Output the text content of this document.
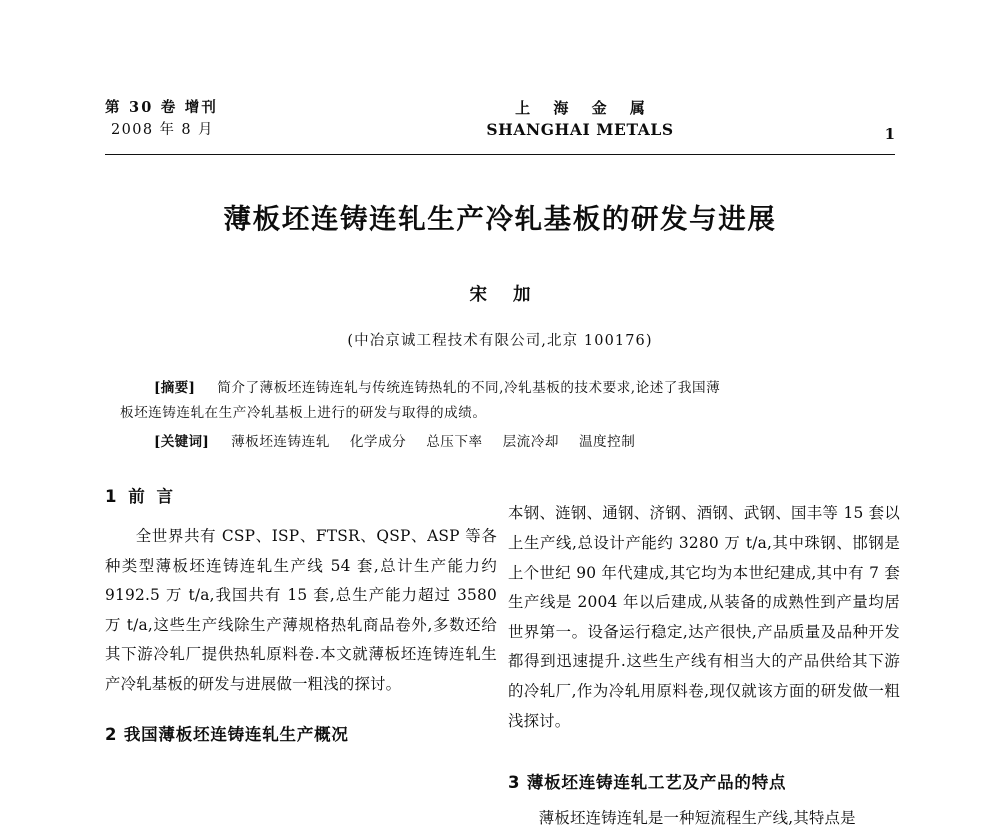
第 30 卷 增刊
2008 年 8 月
上 海 金 属
SHANGHAI METALS	1
薄板坯连铸连轧生产冷轧基板的研发与进展
宋 加
(中冶京诚工程技术有限公司,北京 100176)
[摘要] 简介了薄板坯连铸连轧与传统连铸热轧的不同,冷轧基板的技术要求,论述了我国薄
板坯连铸连轧在生产冷轧基板上进行的研发与取得的成绩。
[关键词] 薄板坯连铸连轧 化学成分 总压下率 层流冷却 温度控制
1 前 言

全世界共有 CSP、ISP、FTSR、QSP、ASP 等各种类型薄板坯连铸连轧生产线 54 套,总计生产能力约 9192.5 万 t/a,我国共有 15 套,总生产能力超过 3580 万 t/a,这些生产线除生产薄规格热轧商品卷外,多数还给其下游冷轧厂提供热轧原料卷.本文就薄板坯连铸连轧生产冷轧基板的研发与进展做一粗浅的探讨。

2 我国薄板坯连铸连轧生产概况

本钢、涟钢、通钢、济钢、酒钢、武钢、国丰等 15 套以上生产线,总设计产能约 3280 万 t/a,其中珠钢、邯钢是上个世纪 90 年代建成,其它均为本世纪建成,其中有 7 套生产线是 2004 年以后建成,从装备的成熟性到产量均居世界第一。设备运行稳定,达产很快,产品质量及品种开发都得到迅速提升.这些生产线有相当大的产品供给其下游的冷轧厂,作为冷轧用原料卷,现仅就该方面的研发做一粗浅探讨。

3 薄板坯连铸连轧工艺及产品的特点

薄板坯连铸连轧是一种短流程生产线,其特点是
